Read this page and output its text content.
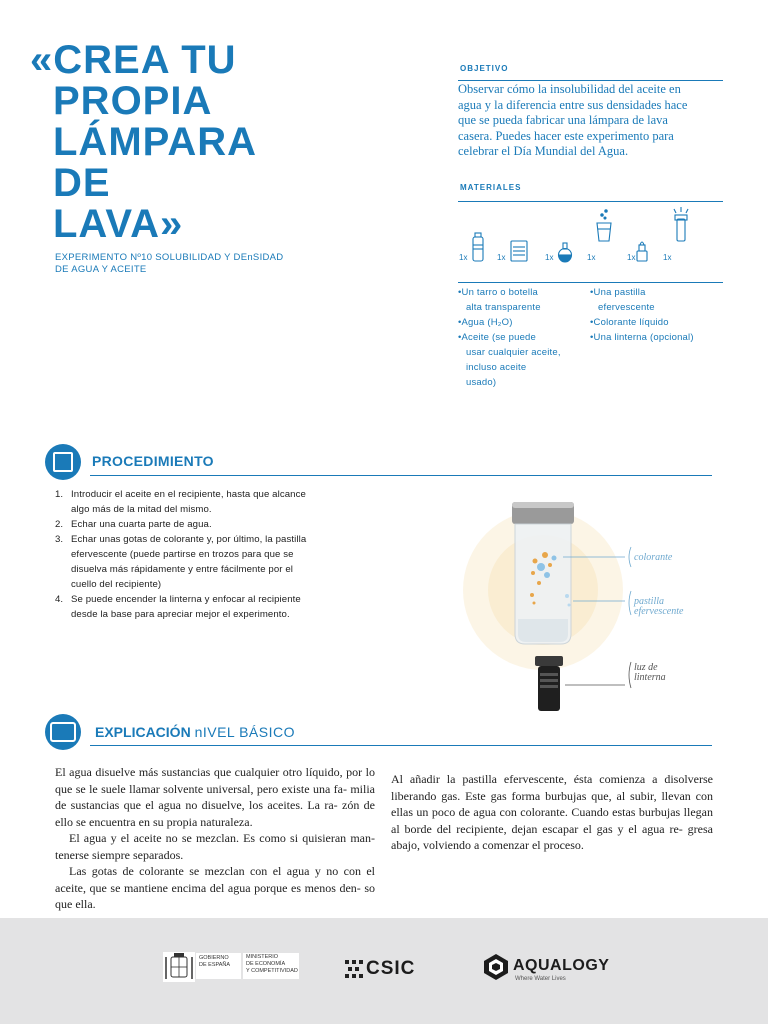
«CREA TU
PROPIA
LÁMPARA
DE
LAVA»
EXPERIMENTO Nº10 SOLUBILIDAD Y DEnSIDAD
DE AGUA Y ACEITE
OBJETIVO
Observar cómo la insolubilidad del aceite en agua y la diferencia entre sus densidades hace que se pueda fabricar una lámpara de lava casera. Puedes hacer este experimento para celebrar el Día Mundial del Agua.
MATERIALES
1x	1x	1x	1x	1x	1x
•Un tarro o botella
alta transparente
•Agua (H₂O)
•Aceite (se puede
usar cualquier aceite,
incluso aceite
usado)
•Una pastilla
efervescente
•Colorante líquido
•Una linterna (opcional)
PROCEDIMIENTO
1. Introducir el aceite en el recipiente, hasta que alcance algo más de la mitad del mismo.
2. Echar una cuarta parte de agua.
3. Echar unas gotas de colorante y, por último, la pastilla efervescente (puede partirse en trozos para que se disuelva más rápidamente y entre fácilmente por el cuello del recipiente)
4. Se puede encender la linterna y enfocar al recipiente desde la base para apreciar mejor el experimento.
colorante
pastilla
efervescente
luz de
linterna
EXPLICACIÓN nIVEL BÁSICO

El agua disuelve más sustancias que cualquier otro líquido, por lo que se le suele llamar solvente universal, pero existe una fa- milia de sustancias que el agua no disuelve, los aceites. La ra- zón de ello se encuentra en su propia naturaleza.

El agua y el aceite no se mezclan. Es como si quisieran man- tenerse siempre separados.

Las gotas de colorante se mezclan con el agua y no con el aceite, que se mantiene encima del agua porque es menos den- so que ella.

Al añadir la pastilla efervescente, ésta comienza a disolverse liberando gas. Este gas forma burbujas que, al subir, llevan con ellas un poco de agua con colorante. Cuando estas burbujas llegan al borde del recipiente, dejan escapar el gas y el agua re- gresa abajo, volviendo a comenzar el proceso.

GOBIERNO
DE ESPAÑA
MINISTERIO
DE ECONOMÍA
Y COMPETITIVIDAD	CSIC	AQUALOGY
Where Water Lives
